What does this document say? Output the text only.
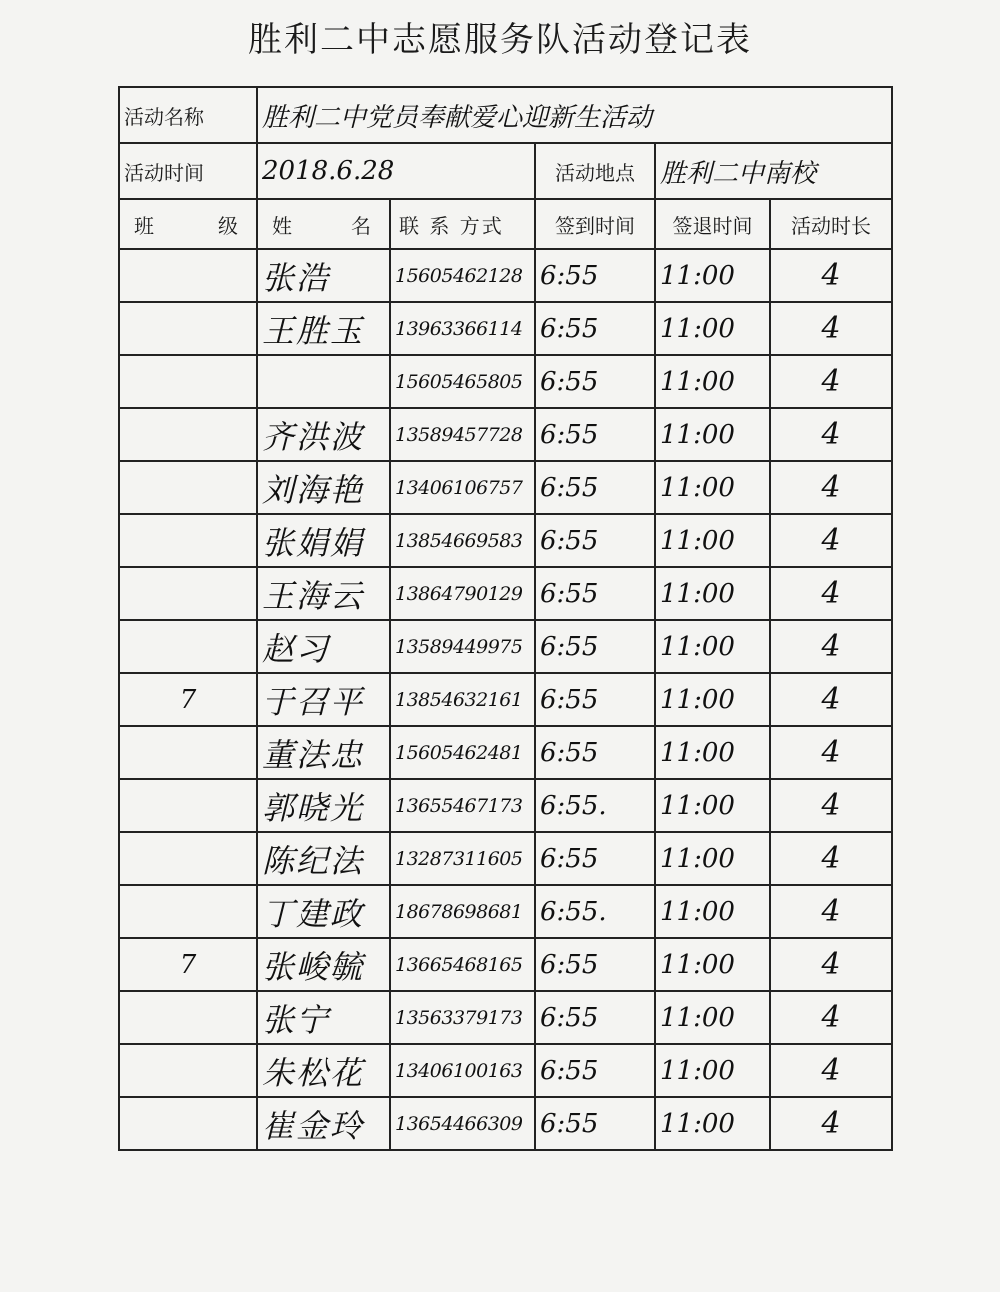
胜利二中志愿服务队活动登记表
活动名称	胜利二中党员奉献爱心迎新生活动				
活动时间	2018.6.28		活动地点	胜利二中南校	

班 级	姓 名	联 系 方式	签到时间	签退时间	活动时长
	张浩	15605462128	6:55	11:00	4
	王胜玉	13963366114	6:55	11:00	4
		15605465805	6:55	11:00	4
	齐洪波	13589457728	6:55	11:00	4
	刘海艳	13406106757	6:55	11:00	4
	张娟娟	13854669583	6:55	11:00	4
	王海云	13864790129	6:55	11:00	4
	赵习	13589449975	6:55	11:00	4
7	于召平	13854632161	6:55	11:00	4
	董法忠	15605462481	6:55	11:00	4
	郭晓光	13655467173	6:55.	11:00	4
	陈纪法	13287311605	6:55	11:00	4
	丁建政	18678698681	6:55.	11:00	4
7	张峻毓	13665468165	6:55	11:00	4
	张宁	13563379173	6:55	11:00	4
	朱松花	13406100163	6:55	11:00	4
	崔金玲	13654466309	6:55	11:00	4
